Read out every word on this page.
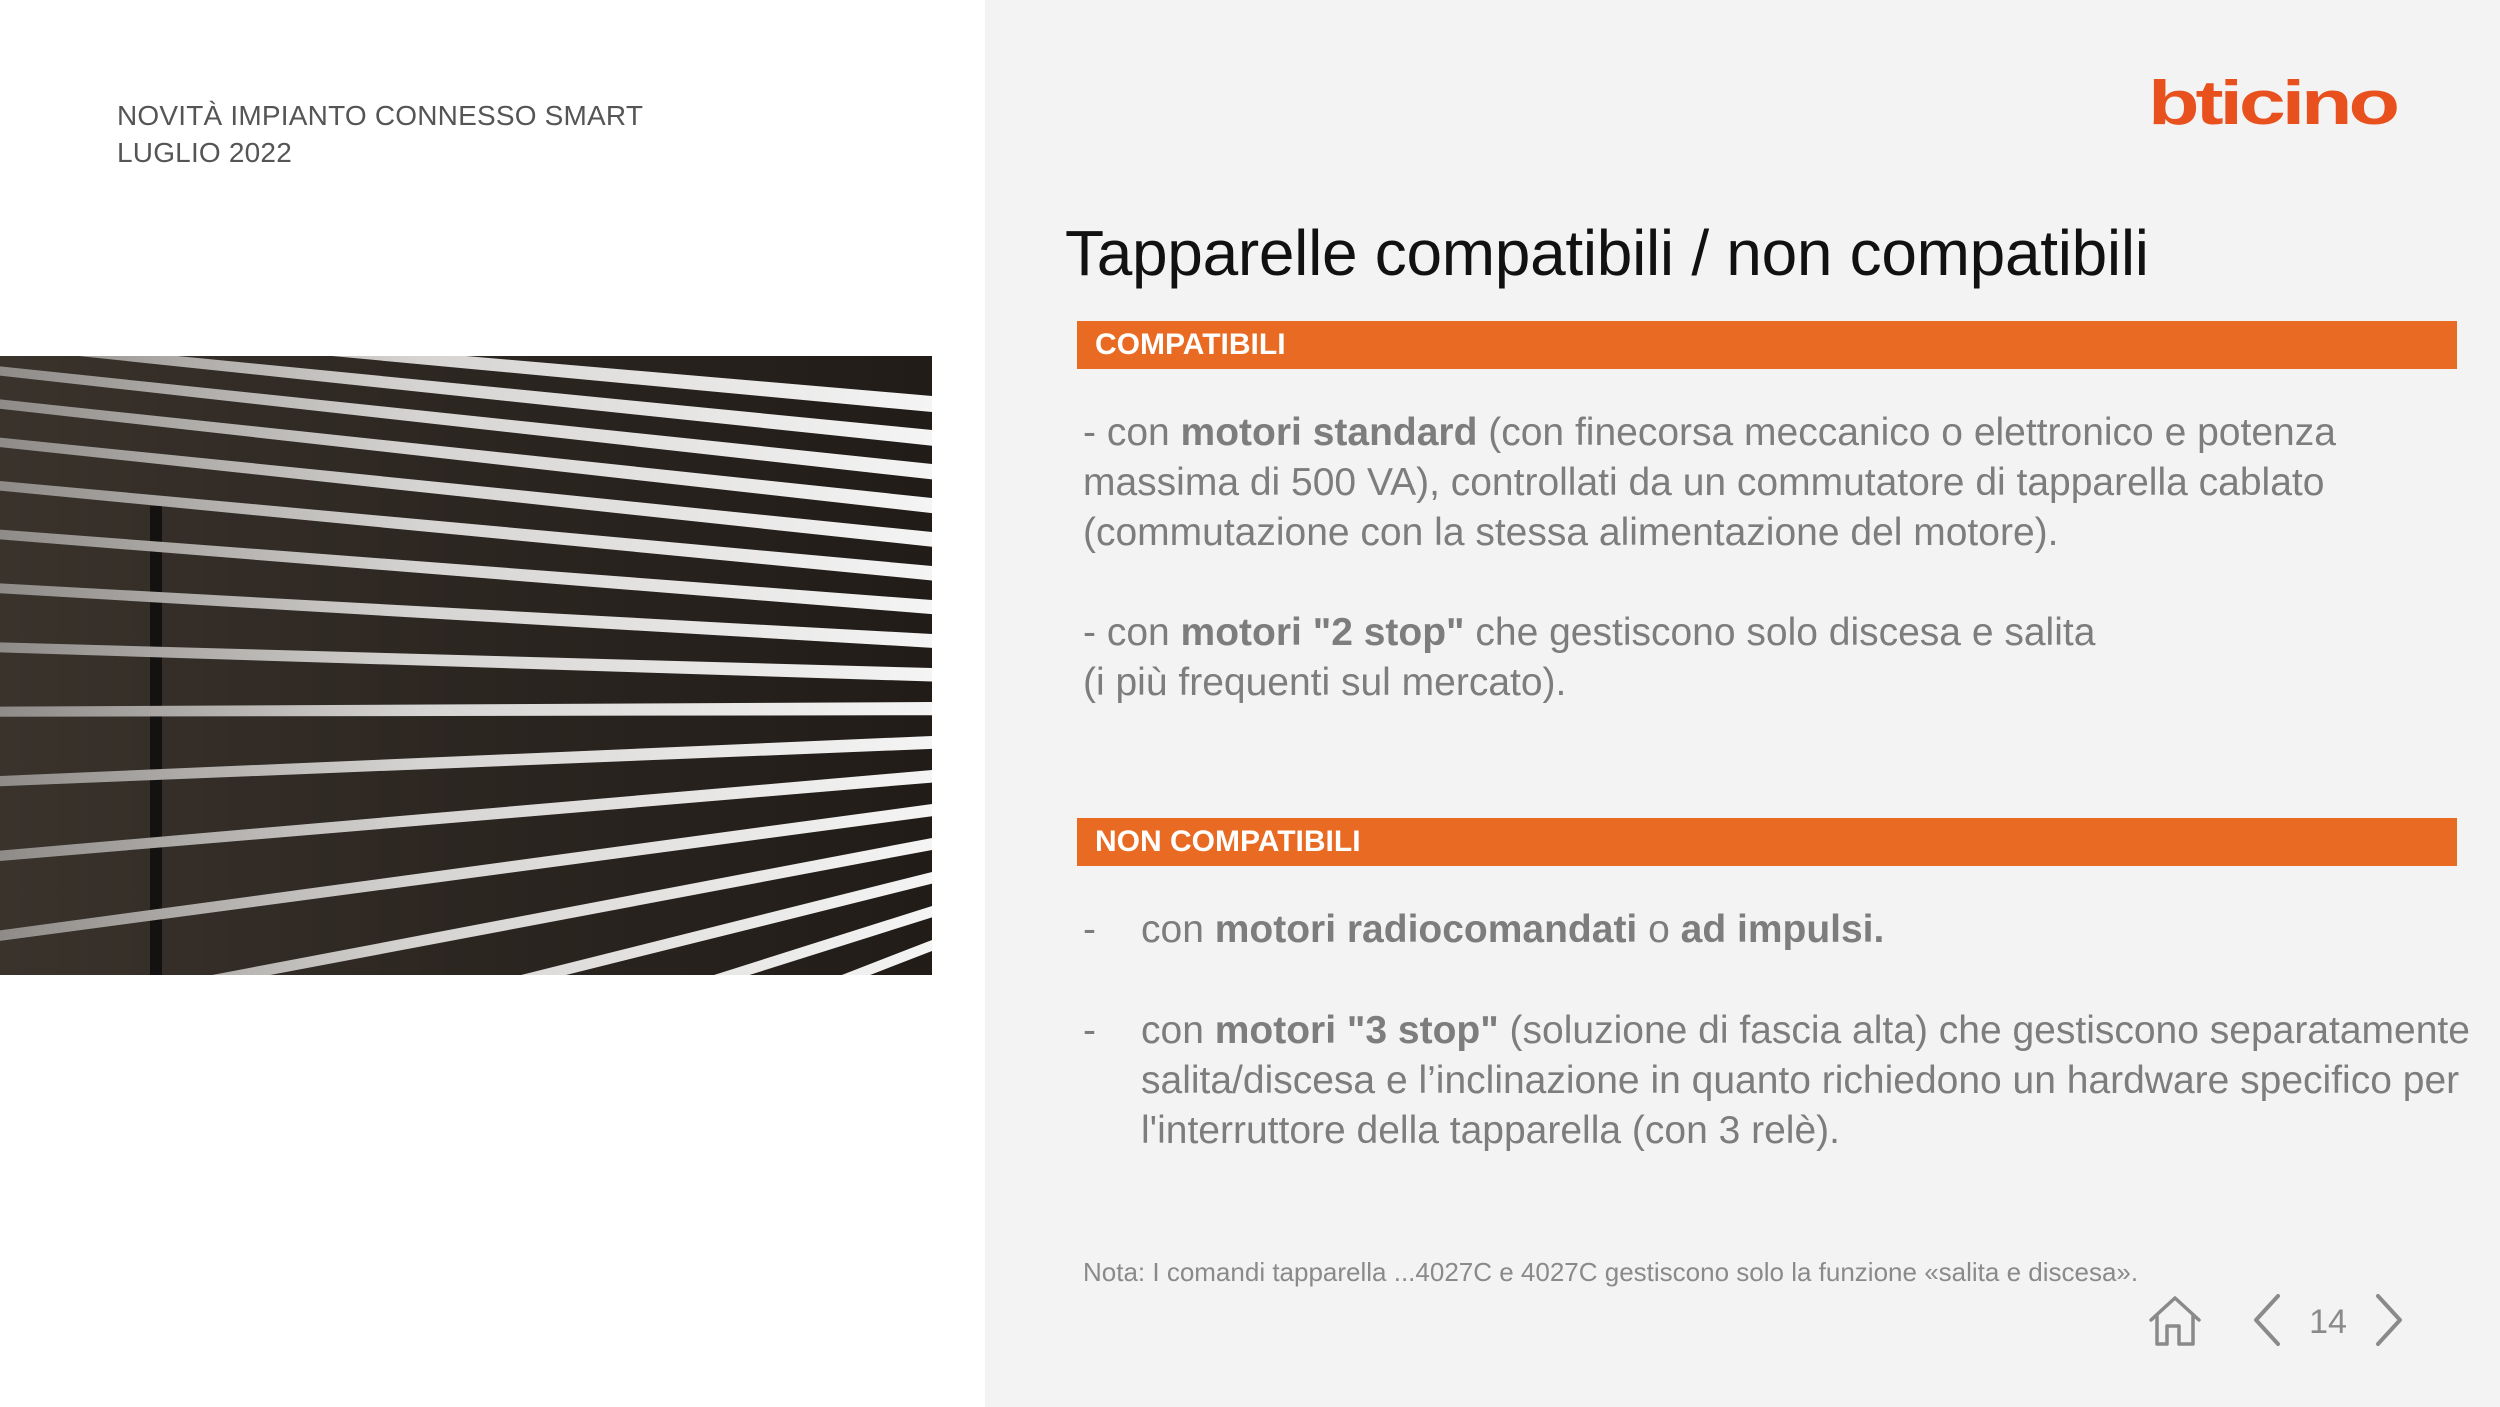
NOVITÀ IMPIANTO CONNESSO SMART
LUGLIO 2022
bticino
Tapparelle compatibili / non compatibili
COMPATIBILI
- con motori standard (con finecorsa meccanico o elettronico e potenza massima di 500 VA), controllati da un commutatore di tapparella cablato (commutazione con la stessa alimentazione del motore).
- con motori "2 stop" che gestiscono solo discesa e salita
(i più frequenti sul mercato).
NON COMPATIBILI
- con motori radiocomandati o ad impulsi.
- con motori "3 stop" (soluzione di fascia alta) che gestiscono separatamente salita/discesa e l’inclinazione in quanto richiedono un hardware specifico per l'interruttore della tapparella (con 3 relè).
Nota: I comandi tapparella ...4027C e 4027C gestiscono solo la funzione «salita e discesa».
14
